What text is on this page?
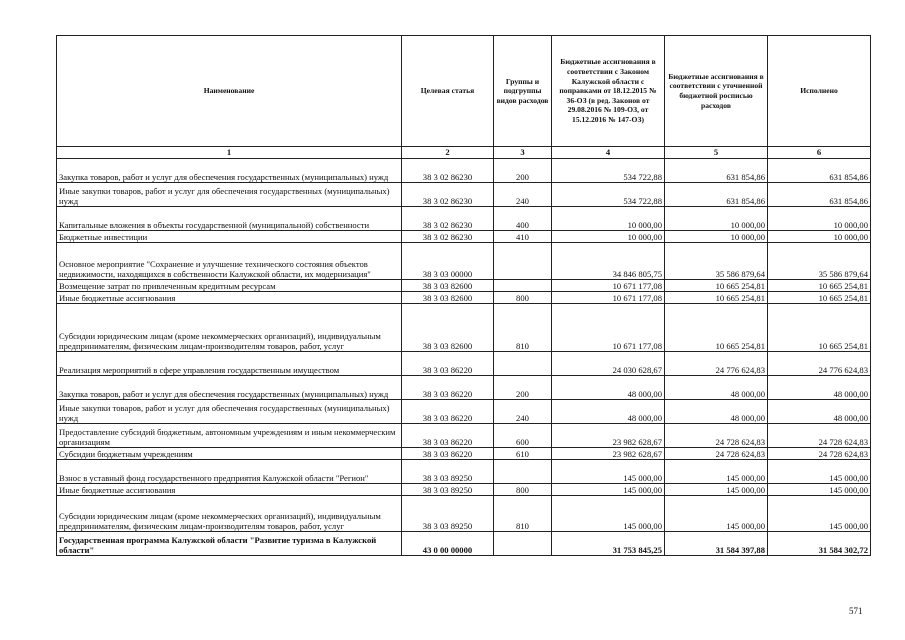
Наименование	Целевая статья	Группы и подгруппы видов расходов	Бюджетные ассигнования в соответствии с Законом Калужской области с поправками от 18.12.2015 № 36-ОЗ (в ред. Законов от 29.08.2016 № 109-ОЗ, от 15.12.2016 № 147-ОЗ)	Бюджетные ассигнования в соответствии с уточненной бюджетной росписью расходов	Исполнено
1	2	3	4	5	6
Закупка товаров, работ и услуг для обеспечения государственных (муниципальных) нужд	38 3 02 86230	200	534 722,88	631 854,86	631 854,86
Иные закупки товаров, работ и услуг для обеспечения государственных (муниципальных) нужд	38 3 02 86230	240	534 722,88	631 854,86	631 854,86
Капитальные вложения в объекты государственной (муниципальной) собственности	38 3 02 86230	400	10 000,00	10 000,00	10 000,00
Бюджетные инвестиции	38 3 02 86230	410	10 000,00	10 000,00	10 000,00
Основное мероприятие "Сохранение и улучшение технического состояния объектов недвижимости, находящихся в собственности Калужской области, их модернизация"	38 3 03 00000		34 846 805,75	35 586 879,64	35 586 879,64
Возмещение затрат по привлеченным кредитным ресурсам	38 3 03 82600		10 671 177,08	10 665 254,81	10 665 254,81
Иные бюджетные ассигнования	38 3 03 82600	800	10 671 177,08	10 665 254,81	10 665 254,81
Субсидии юридическим лицам (кроме некоммерческих организаций), индивидуальным предпринимателям, физическим лицам-производителям товаров, работ, услуг	38 3 03 82600	810	10 671 177,08	10 665 254,81	10 665 254,81
Реализация мероприятий в сфере управления государственным имуществом	38 3 03 86220		24 030 628,67	24 776 624,83	24 776 624,83
Закупка товаров, работ и услуг для обеспечения государственных (муниципальных) нужд	38 3 03 86220	200	48 000,00	48 000,00	48 000,00
Иные закупки товаров, работ и услуг для обеспечения государственных (муниципальных) нужд	38 3 03 86220	240	48 000,00	48 000,00	48 000,00
Предоставление субсидий бюджетным, автономным учреждениям и иным некоммерческим организациям	38 3 03 86220	600	23 982 628,67	24 728 624,83	24 728 624,83
Субсидии бюджетным учреждениям	38 3 03 86220	610	23 982 628,67	24 728 624,83	24 728 624,83
Взнос в уставный фонд государственного предприятия Калужской области "Регион"	38 3 03 89250		145 000,00	145 000,00	145 000,00
Иные бюджетные ассигнования	38 3 03 89250	800	145 000,00	145 000,00	145 000,00
Субсидии юридическим лицам (кроме некоммерческих организаций), индивидуальным предпринимателям, физическим лицам-производителям товаров, работ, услуг	38 3 03 89250	810	145 000,00	145 000,00	145 000,00
Государственная программа Калужской области "Развитие туризма в Калужской области"	43 0 00 00000		31 753 845,25	31 584 397,88	31 584 302,72
571
